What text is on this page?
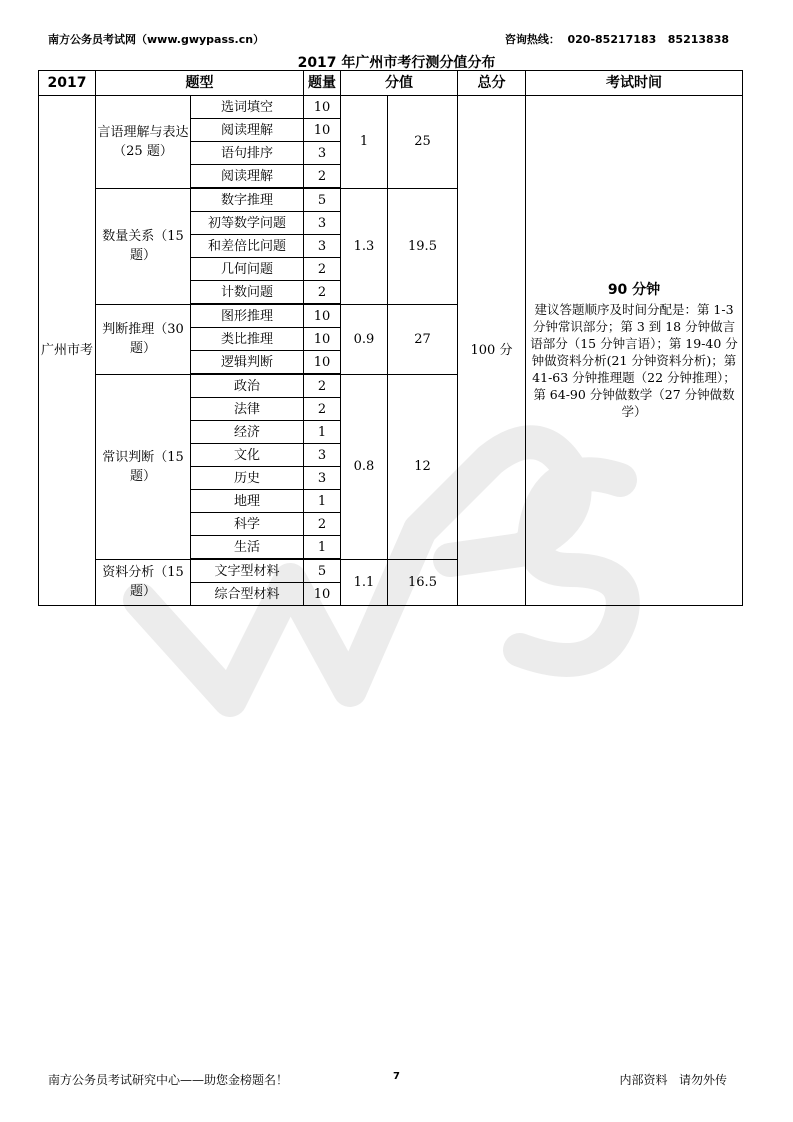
南方公务员考试网（www.gwypass.cn）	咨询热线： 020-85217183 85213838
2017 年广州市考行测分值分布
2017	题型		题量	分值		总分	考试时间
广州市考	言语理解与表达（25 题）	选词填空	10	1	25	100 分	90 分钟
建议答题顺序及时间分配是：第 1-3 分钟常识部分；第 3 到 18 分钟做言语部分（15 分钟言语）；第 19-40 分钟做资料分析(21 分钟资料分析)；第 41-63 分钟推理题（22 分钟推理）；第 64-90 分钟做数学（27 分钟做数学）

		阅读理解	10				
		语句排序	3				
		阅读理解	2				

	数量关系（15 题）	数字推理	5	1.3	19.5		
		初等数学问题	3				
		和差倍比问题	3				
		几何问题	2				
		计数问题	2				

	判断推理（30 题）	图形推理	10	0.9	27		
		类比推理	10				
		逻辑判断	10				

	常识判断（15 题）	政治	2	0.8	12		
		法律	2				
		经济	1				
		文化	3				
		历史	3				
		地理	1				
		科学	2				
		生活	1				

	资料分析（15 题）	文字型材料	5	1.1	16.5		
		综合型材料	10				
南方公务员考试研究中心——助您金榜题名！	7	内部资料   请勿外传
